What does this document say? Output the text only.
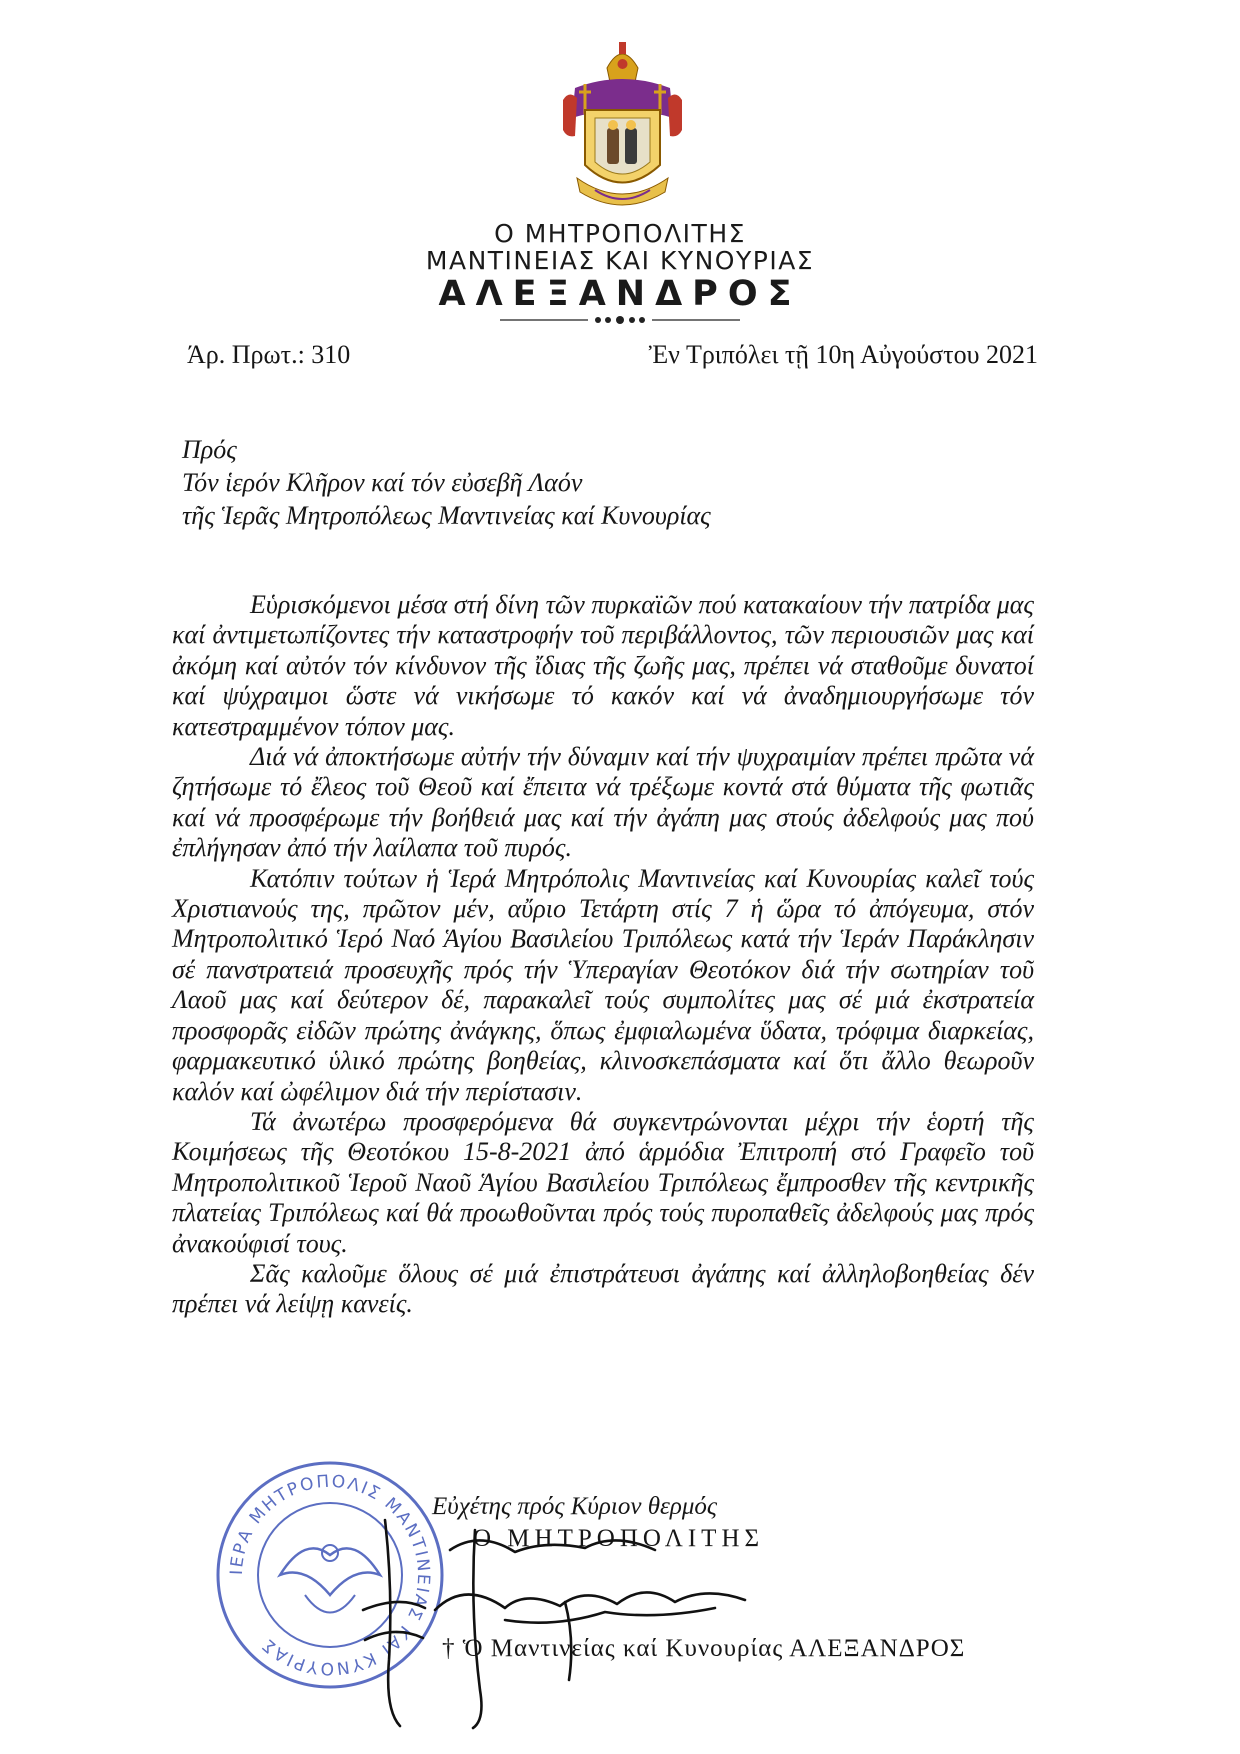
Ο ΜΗΤΡΟΠΟΛΙΤΗΣ
ΜΑΝΤΙΝΕΙΑΣ ΚΑΙ ΚΥΝΟΥΡΙΑΣ
ΑΛΕΞΑΝΔΡΟΣ
Άρ. Πρωτ.: 310	Ἐν Τριπόλει τῇ 10η Αὐγούστου 2021
Πρός
Τόν ἱερόν Κλῆρον καί τόν εὐσεβῆ Λαόν
τῆς Ἱερᾶς Μητροπόλεως Μαντινείας καί Κυνουρίας

Εὑρισκόμενοι μέσα στή δίνη τῶν πυρκαϊῶν πού κατακαίουν τήν πατρίδα μας καί ἀντιμετωπίζοντες τήν καταστροφήν τοῦ περιβάλλοντος, τῶν περιουσιῶν μας καί ἀκόμη καί αὐτόν τόν κίνδυνον τῆς ἴδιας τῆς ζωῆς μας, πρέπει νά σταθοῦμε δυνατοί καί ψύχραιμοι ὥστε νά νικήσωμε τό κακόν καί νά ἀναδημιουργήσωμε τόν κατεστραμμένον τόπον μας.

Διά νά ἀποκτήσωμε αὐτήν τήν δύναμιν καί τήν ψυχραιμίαν πρέπει πρῶτα νά ζητήσωμε τό ἔλεος τοῦ Θεοῦ καί ἔπειτα νά τρέξωμε κοντά στά θύματα τῆς φωτιᾶς καί νά προσφέρωμε τήν βοήθειά μας καί τήν ἀγάπη μας στούς ἀδελφούς μας πού ἐπλήγησαν ἀπό τήν λαίλαπα τοῦ πυρός.

Κατόπιν τούτων ἡ Ἱερά Μητρόπολις Μαντινείας καί Κυνουρίας καλεῖ τούς Χριστιανούς της, πρῶτον μέν, αὔριο Τετάρτη στίς 7 ἡ ὥρα τό ἀπόγευμα, στόν Μητροπολιτικό Ἱερό Ναό Ἁγίου Βασιλείου Τριπόλεως κατά τήν Ἱεράν Παράκλησιν σέ πανστρατειά προσευχῆς πρός τήν Ὑπεραγίαν Θεοτόκον διά τήν σωτηρίαν τοῦ Λαοῦ μας καί δεύτερον δέ, παρακαλεῖ τούς συμπολίτες μας σέ μιά ἐκστρατεία προσφορᾶς εἰδῶν πρώτης ἀνάγκης, ὅπως ἐμφιαλωμένα ὕδατα, τρόφιμα διαρκείας, φαρμακευτικό ὑλικό πρώτης βοηθείας, κλινοσκεπάσματα καί ὅτι ἄλλο θεωροῦν καλόν καί ὠφέλιμον διά τήν περίστασιν.

Τά ἀνωτέρω προσφερόμενα θά συγκεντρώνονται μέχρι τήν ἑορτή τῆς Κοιμήσεως τῆς Θεοτόκου 15-8-2021 ἀπό ἁρμόδια Ἐπιτροπή στό Γραφεῖο τοῦ Μητροπολιτικοῦ Ἱεροῦ Ναοῦ Ἁγίου Βασιλείου Τριπόλεως ἔμπροσθεν τῆς κεντρικῆς πλατείας Τριπόλεως καί θά προωθοῦνται πρός τούς πυροπαθεῖς ἀδελφούς μας πρός ἀνακούφισί τους.

Σᾶς καλοῦμε ὅλους σέ μιά ἐπιστράτευσι ἀγάπης καί ἀλληλοβοηθείας δέν πρέπει νά λείψῃ κανείς.

ΙΕΡΑ ΜΗΤΡΟΠΟΛΙΣ ΜΑΝΤΙΝΕΙΑΣ ΚΑΙ ΚΥΝΟΥΡΙΑΣ
Εὐχέτης πρός Κύριον θερμός
Ο ΜΗΤΡΟΠΟΛΙΤΗΣ
† Ὁ Μαντινείας καί Κυνουρίας ΑΛΕΞΑΝΔΡΟΣ
